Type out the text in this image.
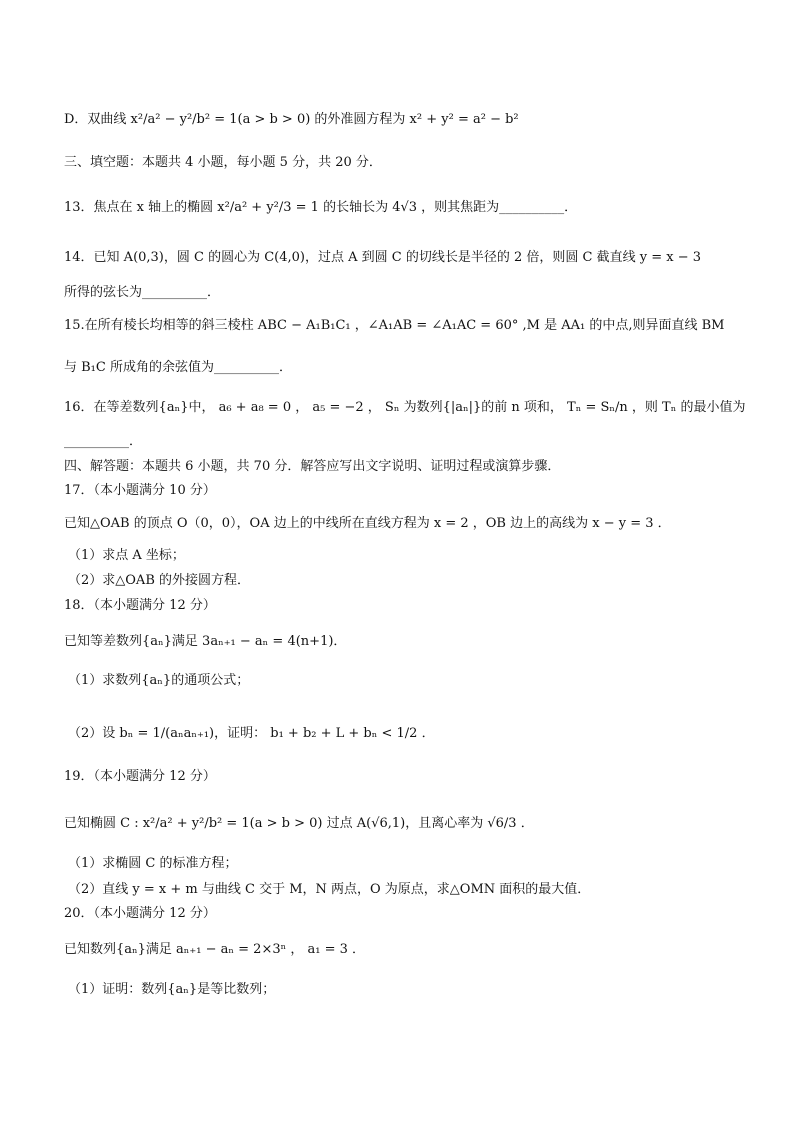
D．双曲线 x²/a² − y²/b² = 1(a > b > 0) 的外准圆方程为 x² + y² = a² − b²
三、填空题：本题共 4 小题，每小题 5 分，共 20 分．
13．焦点在 x 轴上的椭圆 x²/a² + y²/3 = 1 的长轴长为 4√3 ，则其焦距为__________．
14．已知 A(0,3)，圆 C 的圆心为 C(4,0)，过点 A 到圆 C 的切线长是半径的 2 倍，则圆 C 截直线 y = x − 3
所得的弦长为__________．
15.在所有棱长均相等的斜三棱柱 ABC − A₁B₁C₁ ，∠A₁AB = ∠A₁AC = 60° ,M 是 AA₁ 的中点,则异面直线 BM
与 B₁C 所成角的余弦值为__________．
16．在等差数列{aₙ}中， a₆ + a₈ = 0 ， a₅ = −2 ， Sₙ 为数列{|aₙ|}的前 n 项和， Tₙ = Sₙ/n ，则 Tₙ 的最小值为
__________．
四、解答题：本题共 6 小题，共 70 分．解答应写出文字说明、证明过程或演算步骤．
17．（本小题满分 10 分）
已知△OAB 的顶点 O（0，0），OA 边上的中线所在直线方程为 x = 2 ，OB 边上的高线为 x − y = 3 ．
（1）求点 A 坐标；
（2）求△OAB 的外接圆方程．
18．（本小题满分 12 分）
已知等差数列{aₙ}满足 3aₙ₊₁ − aₙ = 4(n+1)．
（1）求数列{aₙ}的通项公式；
（2）设 bₙ = 1/(aₙaₙ₊₁)，证明： b₁ + b₂ + L + bₙ < 1/2 ．
19．（本小题满分 12 分）
已知椭圆 C : x²/a² + y²/b² = 1(a > b > 0) 过点 A(√6,1)，且离心率为 √6/3 ．
（1）求椭圆 C 的标准方程；
（2）直线 y = x + m 与曲线 C 交于 M，N 两点，O 为原点，求△OMN 面积的最大值．
20．（本小题满分 12 分）
已知数列{aₙ}满足 aₙ₊₁ − aₙ = 2×3ⁿ ， a₁ = 3 ．
（1）证明：数列{aₙ}是等比数列；
